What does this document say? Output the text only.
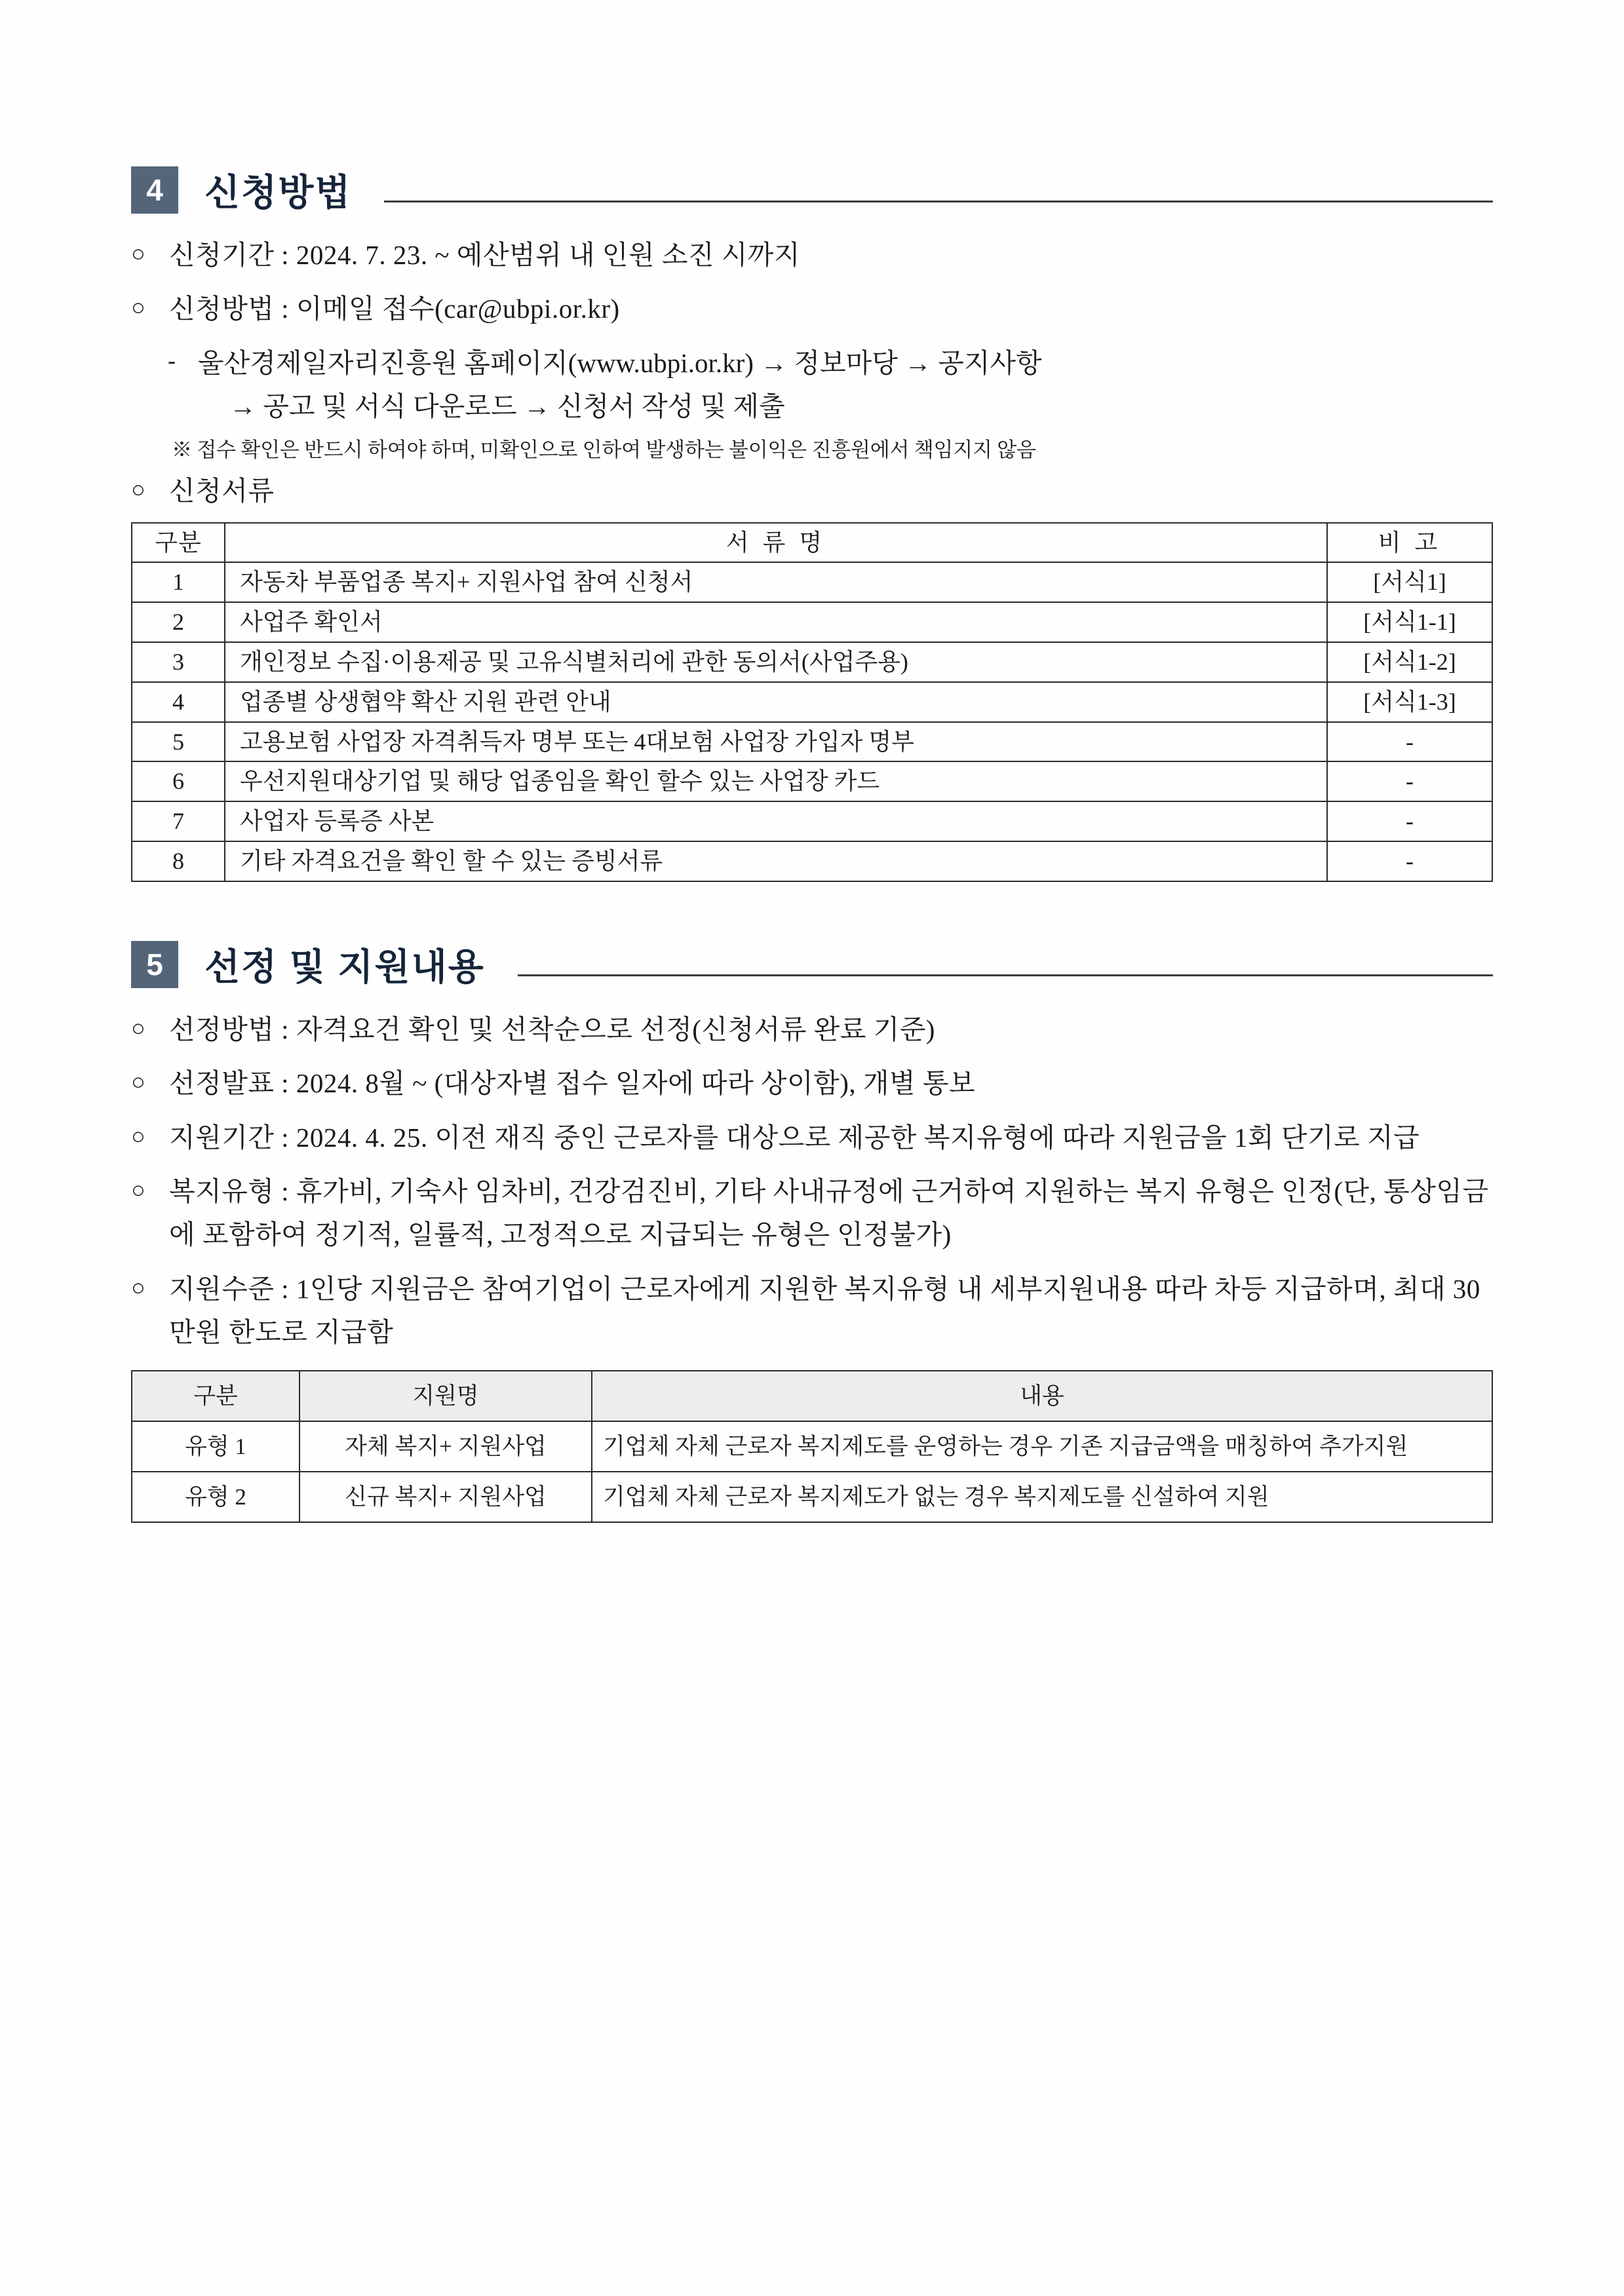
4	신청방법
○ 신청기간 : 2024. 7. 23. ~ 예산범위 내 인원 소진 시까지
○ 신청방법 : 이메일 접수(car@ubpi.or.kr)
- 울산경제일자리진흥원 홈페이지(www.ubpi.or.kr) → 정보마당 → 공지사항
→ 공고 및 서식 다운로드 → 신청서 작성 및 제출
※ 접수 확인은 반드시 하여야 하며, 미확인으로 인하여 발생하는 불이익은 진흥원에서 책임지지 않음
○ 신청서류
구분	서 류 명	비 고
1	자동차 부품업종 복지+ 지원사업 참여 신청서	[서식1]
2	사업주 확인서	[서식1-1]
3	개인정보 수집·이용제공 및 고유식별처리에 관한 동의서(사업주용)	[서식1-2]
4	업종별 상생협약 확산 지원 관련 안내	[서식1-3]
5	고용보험 사업장 자격취득자 명부 또는 4대보험 사업장 가입자 명부	-
6	우선지원대상기업 및 해당 업종임을 확인 할수 있는 사업장 카드	-
7	사업자 등록증 사본	-
8	기타 자격요건을 확인 할 수 있는 증빙서류	-
5	선정 및 지원내용
○ 선정방법 : 자격요건 확인 및 선착순으로 선정(신청서류 완료 기준)
○ 선정발표 : 2024. 8월 ~ (대상자별 접수 일자에 따라 상이함), 개별 통보
○ 지원기간 : 2024. 4. 25. 이전 재직 중인 근로자를 대상으로 제공한 복지유형에 따라 지원금을 1회 단기로 지급
○ 복지유형 : 휴가비, 기숙사 임차비, 건강검진비, 기타 사내규정에 근거하여 지원하는 복지 유형은 인정(단, 통상임금에 포함하여 정기적, 일률적, 고정적으로 지급되는 유형은 인정불가)
○ 지원수준 : 1인당 지원금은 참여기업이 근로자에게 지원한 복지유형 내 세부지원내용 따라 차등 지급하며, 최대 30만원 한도로 지급함
구분	지원명	내용
유형 1	자체 복지+ 지원사업	기업체 자체 근로자 복지제도를 운영하는 경우 기존 지급금액을 매칭하여 추가지원
유형 2	신규 복지+ 지원사업	기업체 자체 근로자 복지제도가 없는 경우 복지제도를 신설하여 지원
